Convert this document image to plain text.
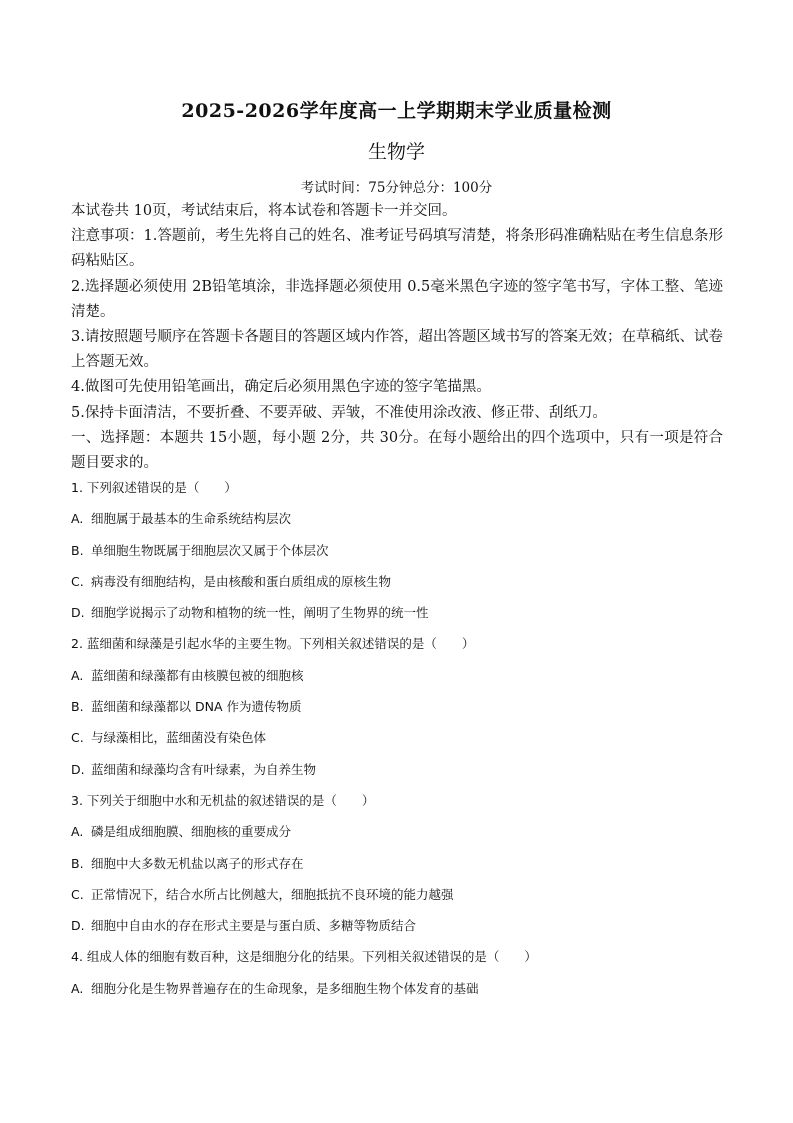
2025-2026学年度高一上学期期末学业质量检测
生物学
考试时间：75分钟总分：100分

本试卷共 10页，考试结束后，将本试卷和答题卡一并交回。

注意事项：1.答题前，考生先将自己的姓名、准考证号码填写清楚，将条形码准确粘贴在考生信息条形码粘贴区。

2.选择题必须使用 2B铅笔填涂，非选择题必须使用 0.5毫米黑色字迹的签字笔书写，字体工整、笔迹清楚。

3.请按照题号顺序在答题卡各题目的答题区域内作答，超出答题区域书写的答案无效；在草稿纸、试卷上答题无效。

4.做图可先使用铅笔画出，确定后必须用黑色字迹的签字笔描黑。

5.保持卡面清洁，不要折叠、不要弄破、弄皱，不准使用涂改液、修正带、刮纸刀。

一、选择题：本题共 15小题，每小题 2分，共 30分。在每小题给出的四个选项中，只有一项是符合题目要求的。

1. 下列叙述错误的是（　　）
A. 细胞属于最基本的生命系统结构层次
B. 单细胞生物既属于细胞层次又属于个体层次
C. 病毒没有细胞结构，是由核酸和蛋白质组成的原核生物
D. 细胞学说揭示了动物和植物的统一性，阐明了生物界的统一性
2. 蓝细菌和绿藻是引起水华的主要生物。下列相关叙述错误的是（　　）
A. 蓝细菌和绿藻都有由核膜包被的细胞核
B. 蓝细菌和绿藻都以 DNA 作为遗传物质
C. 与绿藻相比，蓝细菌没有染色体
D. 蓝细菌和绿藻均含有叶绿素，为自养生物
3. 下列关于细胞中水和无机盐的叙述错误的是（　　）
A. 磷是组成细胞膜、细胞核的重要成分
B. 细胞中大多数无机盐以离子的形式存在
C. 正常情况下，结合水所占比例越大，细胞抵抗不良环境的能力越强
D. 细胞中自由水的存在形式主要是与蛋白质、多糖等物质结合
4. 组成人体的细胞有数百种，这是细胞分化的结果。下列相关叙述错误的是（　　）
A. 细胞分化是生物界普遍存在的生命现象，是多细胞生物个体发育的基础
